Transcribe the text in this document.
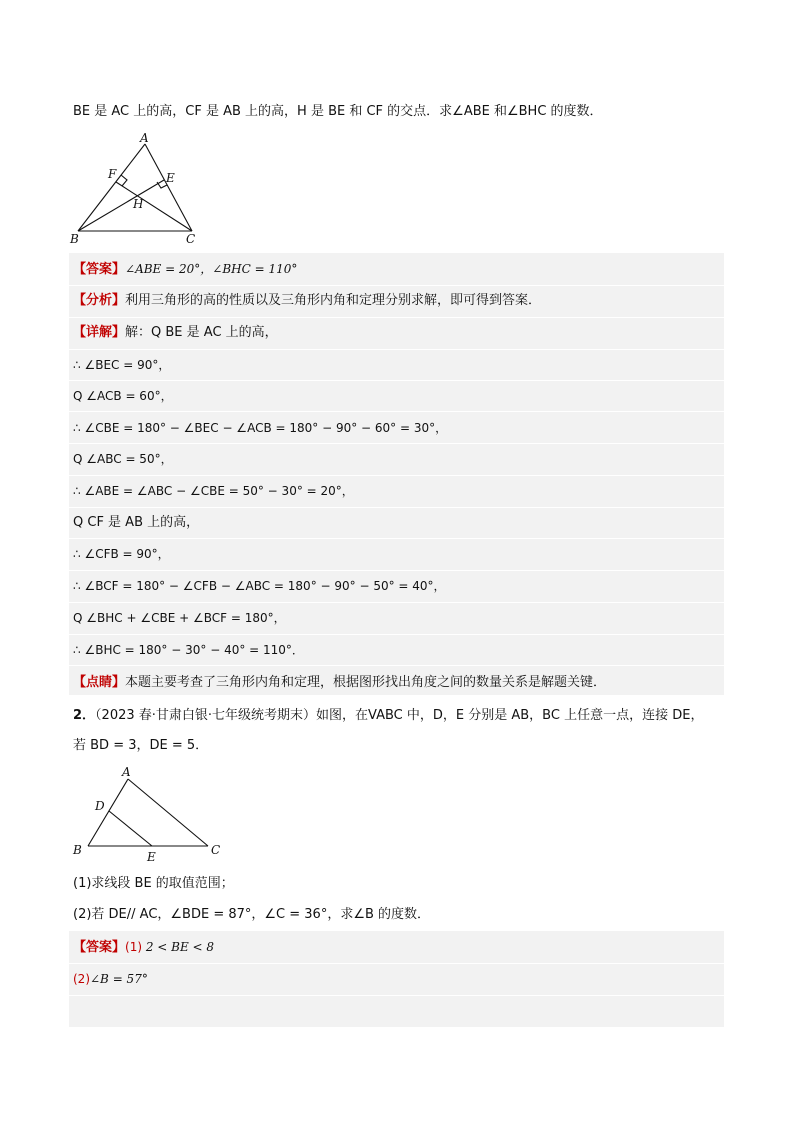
BE 是 AC 上的高，CF 是 AB 上的高，H 是 BE 和 CF 的交点．求∠ABE 和∠BHC 的度数．
A
B	C
E
F
H
【答案】∠ABE = 20°，∠BHC = 110°
【分析】利用三角形的高的性质以及三角形内角和定理分别求解，即可得到答案．
【详解】解：Q BE 是 AC 上的高，
∴ ∠BEC = 90°，
Q ∠ACB = 60°，
∴ ∠CBE = 180° − ∠BEC − ∠ACB = 180° − 90° − 60° = 30°，
Q ∠ABC = 50°，
∴ ∠ABE = ∠ABC − ∠CBE = 50° − 30° = 20°，
Q CF 是 AB 上的高，
∴ ∠CFB = 90°，
∴ ∠BCF = 180° − ∠CFB − ∠ABC = 180° − 90° − 50° = 40°，
Q ∠BHC + ∠CBE + ∠BCF = 180°，
∴ ∠BHC = 180° − 30° − 40° = 110°．
【点睛】本题主要考查了三角形内角和定理，根据图形找出角度之间的数量关系是解题关键．
2．（2023 春·甘肃白银·七年级统考期末）如图，在VABC 中，D，E 分别是 AB，BC 上任意一点，连接 DE，
若 BD = 3，DE = 5．
A
B	C
D
E
(1)求线段 BE 的取值范围；
(2)若 DE// AC，∠BDE = 87°，∠C = 36°，求∠B 的度数．
【答案】(1) 2 < BE < 8
(2)∠B = 57°
